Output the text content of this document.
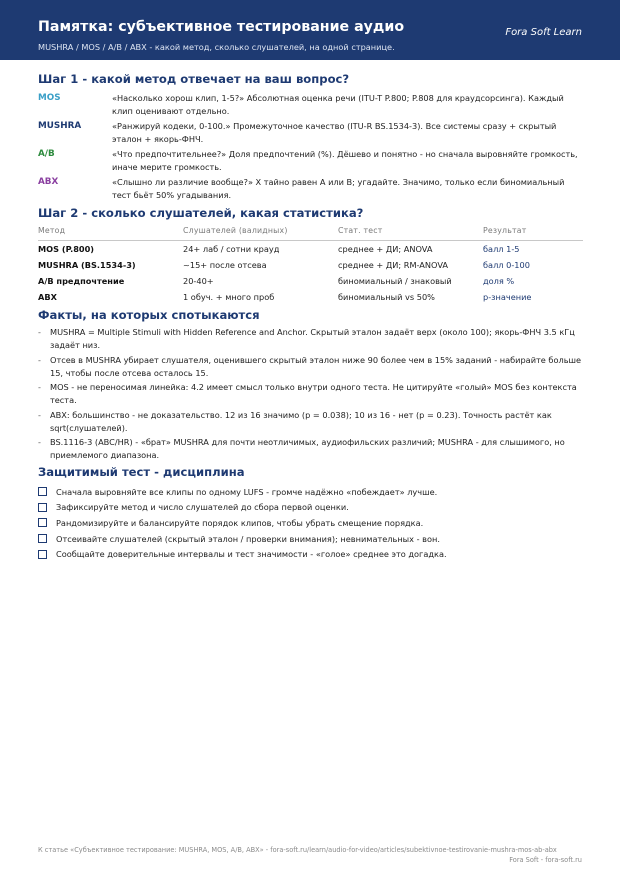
Памятка: субъективное тестирование аудио	Fora Soft Learn
MUSHRA / MOS / A/B / ABX - какой метод, сколько слушателей, на одной странице.
Шаг 1 - какой метод отвечает на ваш вопрос?
MOS	«Насколько хорош клип, 1-5?» Абсолютная оценка речи (ITU-T P.800; P.808 для краудсорсинга). Каждый клип оценивают отдельно.
MUSHRA	«Ранжируй кодеки, 0-100.» Промежуточное качество (ITU-R BS.1534-3). Все системы сразу + скрытый эталон + якорь-ФНЧ.
A/B	«Что предпочтительнее?» Доля предпочтений (%). Дёшево и понятно - но сначала выровняйте громкость, иначе мерите громкость.
ABX	«Слышно ли различие вообще?» X тайно равен A или B; угадайте. Значимо, только если биномиальный тест бьёт 50% угадывания.
Шаг 2 - сколько слушателей, какая статистика?
Метод	Слушателей (валидных)	Стат. тест	Результат
MOS (P.800)	24+ лаб / сотни крауд	среднее + ДИ; ANOVA	балл 1-5
MUSHRA (BS.1534-3)	~15+ после отсева	среднее + ДИ; RM-ANOVA	балл 0-100
A/B предпочтение	20-40+	биномиальный / знаковый	доля %
ABX	1 обуч. + много проб	биномиальный vs 50%	p-значение
Факты, на которых спотыкаются
- MUSHRA = Multiple Stimuli with Hidden Reference and Anchor. Скрытый эталон задаёт верх (около 100); якорь-ФНЧ 3.5 кГц задаёт низ.
- Отсев в MUSHRA убирает слушателя, оценившего скрытый эталон ниже 90 более чем в 15% заданий - набирайте больше 15, чтобы после отсева осталось 15.
- MOS - не переносимая линейка: 4.2 имеет смысл только внутри одного теста. Не цитируйте «голый» MOS без контекста теста.
- ABX: большинство - не доказательство. 12 из 16 значимо (p = 0.038); 10 из 16 - нет (p = 0.23). Точность растёт как sqrt(слушателей).
- BS.1116-3 (ABC/HR) - «брат» MUSHRA для почти неотличимых, аудиофильских различий; MUSHRA - для слышимого, но приемлемого диапазона.
Защитимый тест - дисциплина
Сначала выровняйте все клипы по одному LUFS - громче надёжно «побеждает» лучше.
Зафиксируйте метод и число слушателей до сбора первой оценки.
Рандомизируйте и балансируйте порядок клипов, чтобы убрать смещение порядка.
Отсеивайте слушателей (скрытый эталон / проверки внимания); невнимательных - вон.
Сообщайте доверительные интервалы и тест значимости - «голое» среднее это догадка.
К статье «Субъективное тестирование: MUSHRA, MOS, A/B, ABX» - fora-soft.ru/learn/audio-for-video/articles/subektivnoe-testirovanie-mushra-mos-ab-abx
Fora Soft - fora-soft.ru
